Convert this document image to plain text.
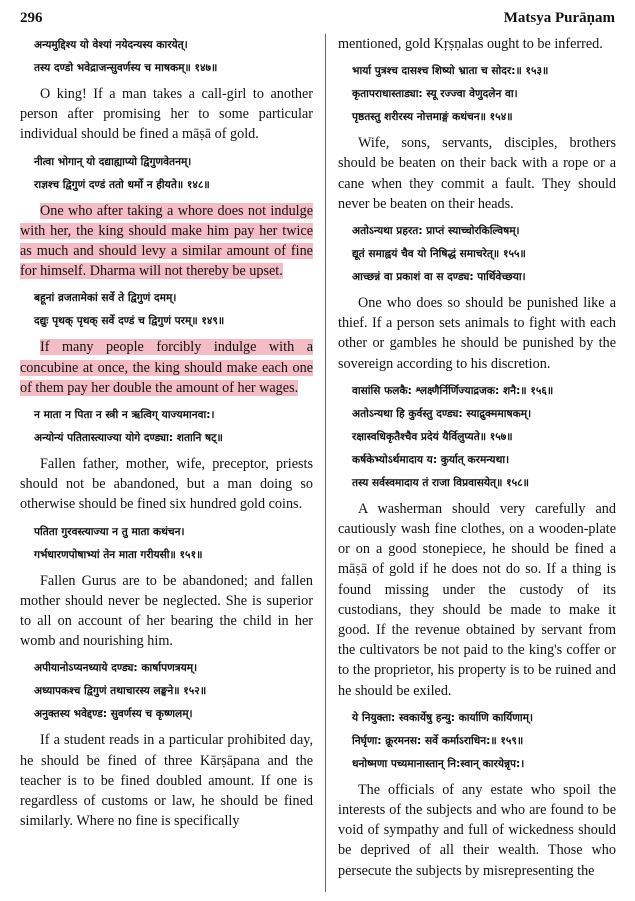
296	Matsya Purāṇam

अन्यमुद्दिश्य यो वेश्यां नयेदन्यस्य कारयेत्।

तस्य दण्डो भवेद्राजन्सुवर्णस्य च माषकम्॥ १४७॥

O king! If a man takes a call-girl to another person after promising her to some particular individual should be fined a māṣā of gold.

नीत्वा भोगान् यो दद्याह्याप्यो द्विगुणवेतनम्।

राज्ञश्च द्विगुणं दण्डं ततो धर्मो न हीयते॥ १४८॥

One who after taking a whore does not indulge with her, the king should make him pay her twice as much and should levy a similar amount of fine for himself. Dharma will not thereby be upset.

बहूनां व्रजतामेकां सर्वे ते द्विगुणं दमम्।

दद्युः पृथक् पृथक् सर्वे दण्डं च द्विगुणं परम्॥ १४९॥

If many people forcibly indulge with a concubine at once, the king should make each one of them pay her double the amount of her wages.

न माता न पिता न स्त्री न ऋत्विग् याज्यमानवा:।

अन्योन्यं पतितास्त्याज्या योगे दण्ड्या: शतानि षट्॥

Fallen father, mother, wife, preceptor, priests should not be abandoned, but a man doing so otherwise should be fined six hundred gold coins.

पतिता गुरवस्त्याज्या न तु माता कथंचन।

गर्भधारणपोषाभ्यां तेन माता गरीयसी॥ १५१॥

Fallen Gurus are to be abandoned; and fallen mother should never be neglected. She is superior to all on account of her bearing the child in her womb and nourishing him.

अपीयानोऽप्यनध्याये दण्ड्य: कार्षापणत्रयम्।

अध्यापकश्च द्विगुणं तथाचारस्य लङ्घने॥ १५२॥

अनुक्तस्य भवेद्दण्ड: सुवर्णस्य च कृष्णलम्।

If a student reads in a particular prohibited day, he should be fined of three Kārṣāpana and the teacher is to be fined doubled amount. If one is regardless of customs or law, he should be fined similarly. Where no fine is specifically

mentioned, gold Kṛṣṇalas ought to be inferred.

भार्या पुत्रश्च दासश्च शिष्यो भ्राता च सोदर:॥ १५३॥

कृतापराधास्ताड्या: स्यू रज्ज्वा वेणुदलेन वा।

पृष्ठतस्तु शरीरस्य नोत्तमाङ्गं कथंचन॥ १५४॥

Wife, sons, servants, disciples, brothers should be beaten on their back with a rope or a cane when they commit a fault. They should never be beaten on their heads.

अतोऽन्यथा प्रहरत: प्राप्तं स्याच्चोरकिल्विषम्।

द्यूतं समाह्वयं चैव यो निषिद्धं समाचरेत्॥ १५५॥

आच्छन्नं वा प्रकाशं वा स दण्ड्य: पार्थिवेच्छया।

One who does so should be punished like a thief. If a person sets animals to fight with each other or gambles he should be punished by the sovereign according to his discretion.

वासांसि फलकै: श्लक्ष्णैर्निर्णिज्याद्रजक: शनै:॥ १५६॥

अतोऽन्यथा हि कुर्वस्तु दण्ड्य: स्याद्रुक्ममाषकम्।

रक्षास्वधिकृतैश्चैव प्रदेयं यैर्विलुप्यते॥ १५७॥

कर्षकेभ्योऽर्थमादाय य: कुर्यात् करमन्यथा।

तस्य सर्वस्वमादाय तं राजा विप्रवासयेत्॥ १५८॥

A washerman should very carefully and cautiously wash fine clothes, on a wooden-plate or on a good stonepiece, he should be fined a māṣā of gold if he does not do so. If a thing is found missing under the custody of its custodians, they should be made to make it good. If the revenue obtained by servant from the cultivators be not paid to the king's coffer or to the proprietor, his property is to be ruined and he should be exiled.

ये नियुक्ता: स्वकार्येषु हन्यु: कार्याणि कार्यिणाम्।

निर्घृणा: क्रूरमनस: सर्वे कर्माऽराधिन:॥ १५९॥

धनोष्मणा पच्यमानास्तान् नि:स्वान् कारयेन्नृप:।

The officials of any estate who spoil the interests of the subjects and who are found to be void of sympathy and full of wickedness should be deprived of all their wealth. Those who persecute the subjects by misrepresenting the
